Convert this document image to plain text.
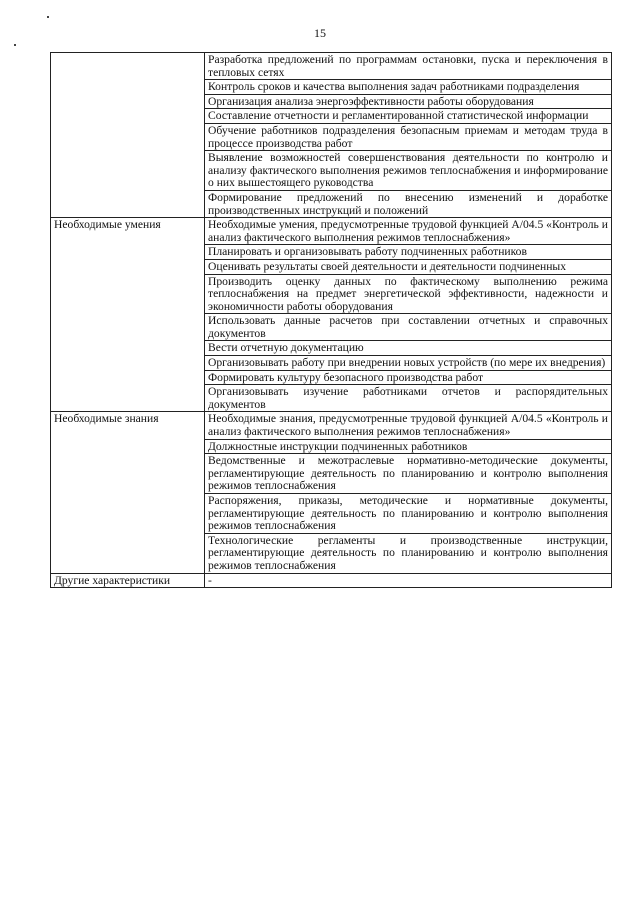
15

	Разработка предложений по программам остановки, пуска и переключения в тепловых сетях

	Контроль сроков и качества выполнения задач работниками подразделения

	Организация анализа энергоэффективности работы оборудования

	Составление отчетности и регламентированной статистической информации

	Обучение работников подразделения безопасным приемам и методам труда в процессе производства работ

	Выявление возможностей совершенствования деятельности по контролю и анализу фактического выполнения режимов теплоснабжения и информирование о них вышестоящего руководства

	Формирование предложений по внесению изменений и доработке производственных инструкций и положений

Необходимые умения	Необходимые умения, предусмотренные трудовой функцией А/04.5 «Контроль и анализ фактического выполнения режимов теплоснабжения»

	Планировать и организовывать работу подчиненных работников

	Оценивать результаты своей деятельности и деятельности подчиненных

	Производить оценку данных по фактическому выполнению режима теплоснабжения на предмет энергетической эффективности, надежности и экономичности работы оборудования

	Использовать данные расчетов при составлении отчетных и справочных документов

	Вести отчетную документацию

	Организовывать работу при внедрении новых устройств (по мере их внедрения)

	Формировать культуру безопасного производства работ

	Организовывать изучение работниками отчетов и распорядительных документов

Необходимые знания	Необходимые знания, предусмотренные трудовой функцией А/04.5 «Контроль и анализ фактического выполнения режимов теплоснабжения»

	Должностные инструкции подчиненных работников

	Ведомственные и межотраслевые нормативно-методические документы, регламентирующие деятельность по планированию и контролю выполнения режимов теплоснабжения

	Распоряжения, приказы, методические и нормативные документы, регламентирующие деятельность по планированию и контролю выполнения режимов теплоснабжения

	Технологические регламенты и производственные инструкции, регламентирующие деятельность по планированию и контролю выполнения режимов теплоснабжения

Другие характеристики	-
